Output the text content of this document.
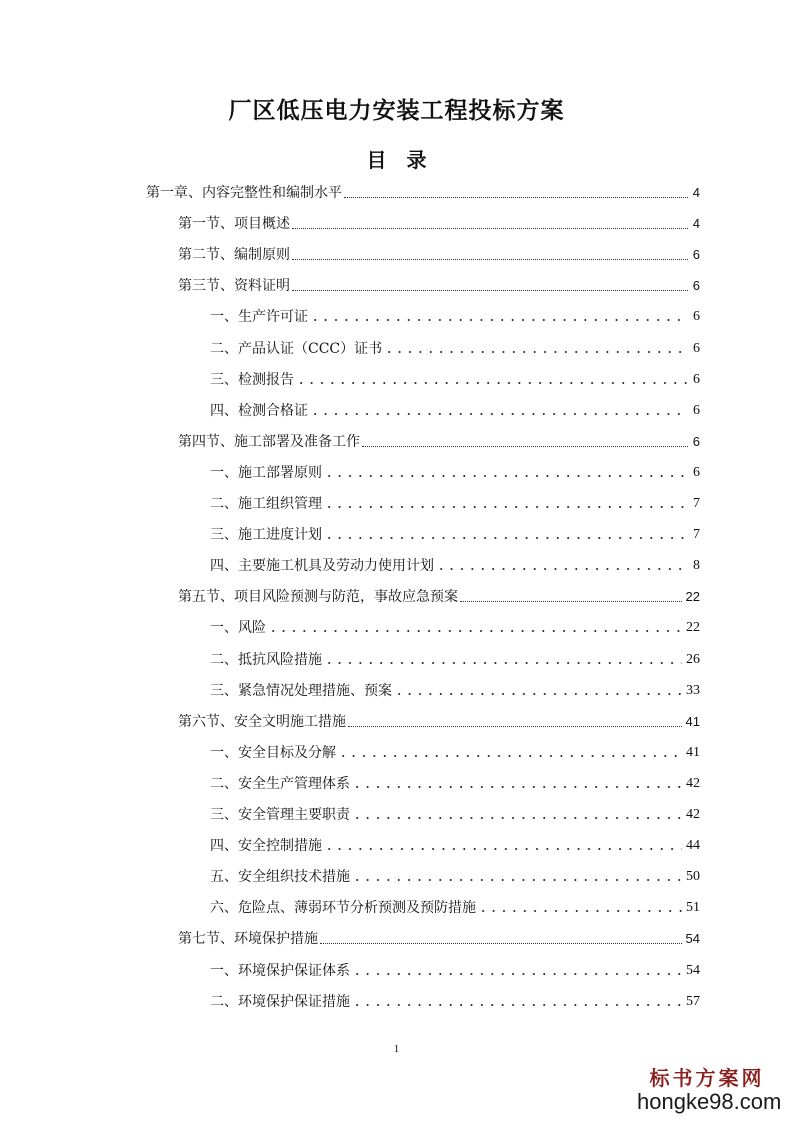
厂区低压电力安装工程投标方案
目　录
第一章、内容完整性和编制水平	4
第一节、项目概述	4
第二节、编制原则	6
第三节、资料证明	6
一、生产许可证	6
二、产品认证（CCC）证书	6
三、检测报告	6
四、检测合格证	6
第四节、施工部署及准备工作	6
一、施工部署原则	6
二、施工组织管理	7
三、施工进度计划	7
四、主要施工机具及劳动力使用计划	8
第五节、项目风险预测与防范，事故应急预案	22
一、风险	22
二、抵抗风险措施	26
三、紧急情况处理措施、预案	33
第六节、安全文明施工措施	41
一、安全目标及分解	41
二、安全生产管理体系	42
三、安全管理主要职责	42
四、安全控制措施	44
五、安全组织技术措施	50
六、危险点、薄弱环节分析预测及预防措施	51
第七节、环境保护措施	54
一、环境保护保证体系	54
二、环境保护保证措施	57
1
标书方案网
hongke98.com
